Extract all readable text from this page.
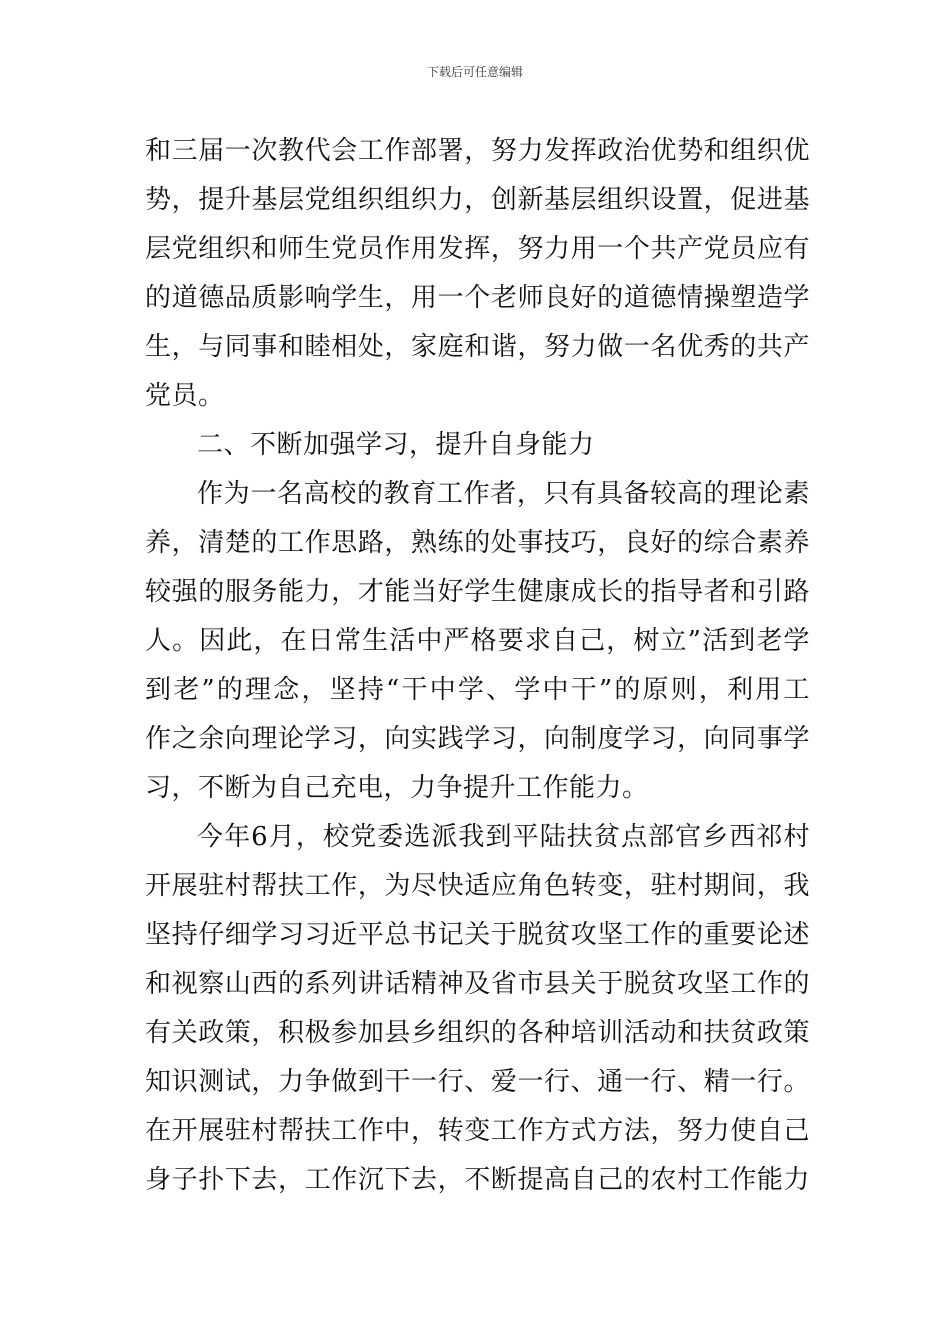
下载后可任意编辑
和三届一次教代会工作部署，努力发挥政治优势和组织优
势，提升基层党组织组织力，创新基层组织设置，促进基
层党组织和师生党员作用发挥，努力用一个共产党员应有
的道德品质影响学生，用一个老师良好的道德情操塑造学
生，与同事和睦相处，家庭和谐，努力做一名优秀的共产
党员。
二、不断加强学习，提升自身能力
作为一名高校的教育工作者，只有具备较高的理论素
养，清楚的工作思路，熟练的处事技巧，良好的综合素养
较强的服务能力，才能当好学生健康成长的指导者和引路
人。因此，在日常生活中严格要求自己，树立”活到老学
到老”的理念，坚持“干中学、学中干”的原则，利用工
作之余向理论学习，向实践学习，向制度学习，向同事学
习，不断为自己充电，力争提升工作能力。
今年6月，校党委选派我到平陆扶贫点部官乡西祁村
开展驻村帮扶工作，为尽快适应角色转变，驻村期间，我
坚持仔细学习习近平总书记关于脱贫攻坚工作的重要论述
和视察山西的系列讲话精神及省市县关于脱贫攻坚工作的
有关政策，积极参加县乡组织的各种培训活动和扶贫政策
知识测试，力争做到干一行、爱一行、通一行、精一行。
在开展驻村帮扶工作中，转变工作方式方法，努力使自己
身子扑下去，工作沉下去，不断提高自己的农村工作能力
